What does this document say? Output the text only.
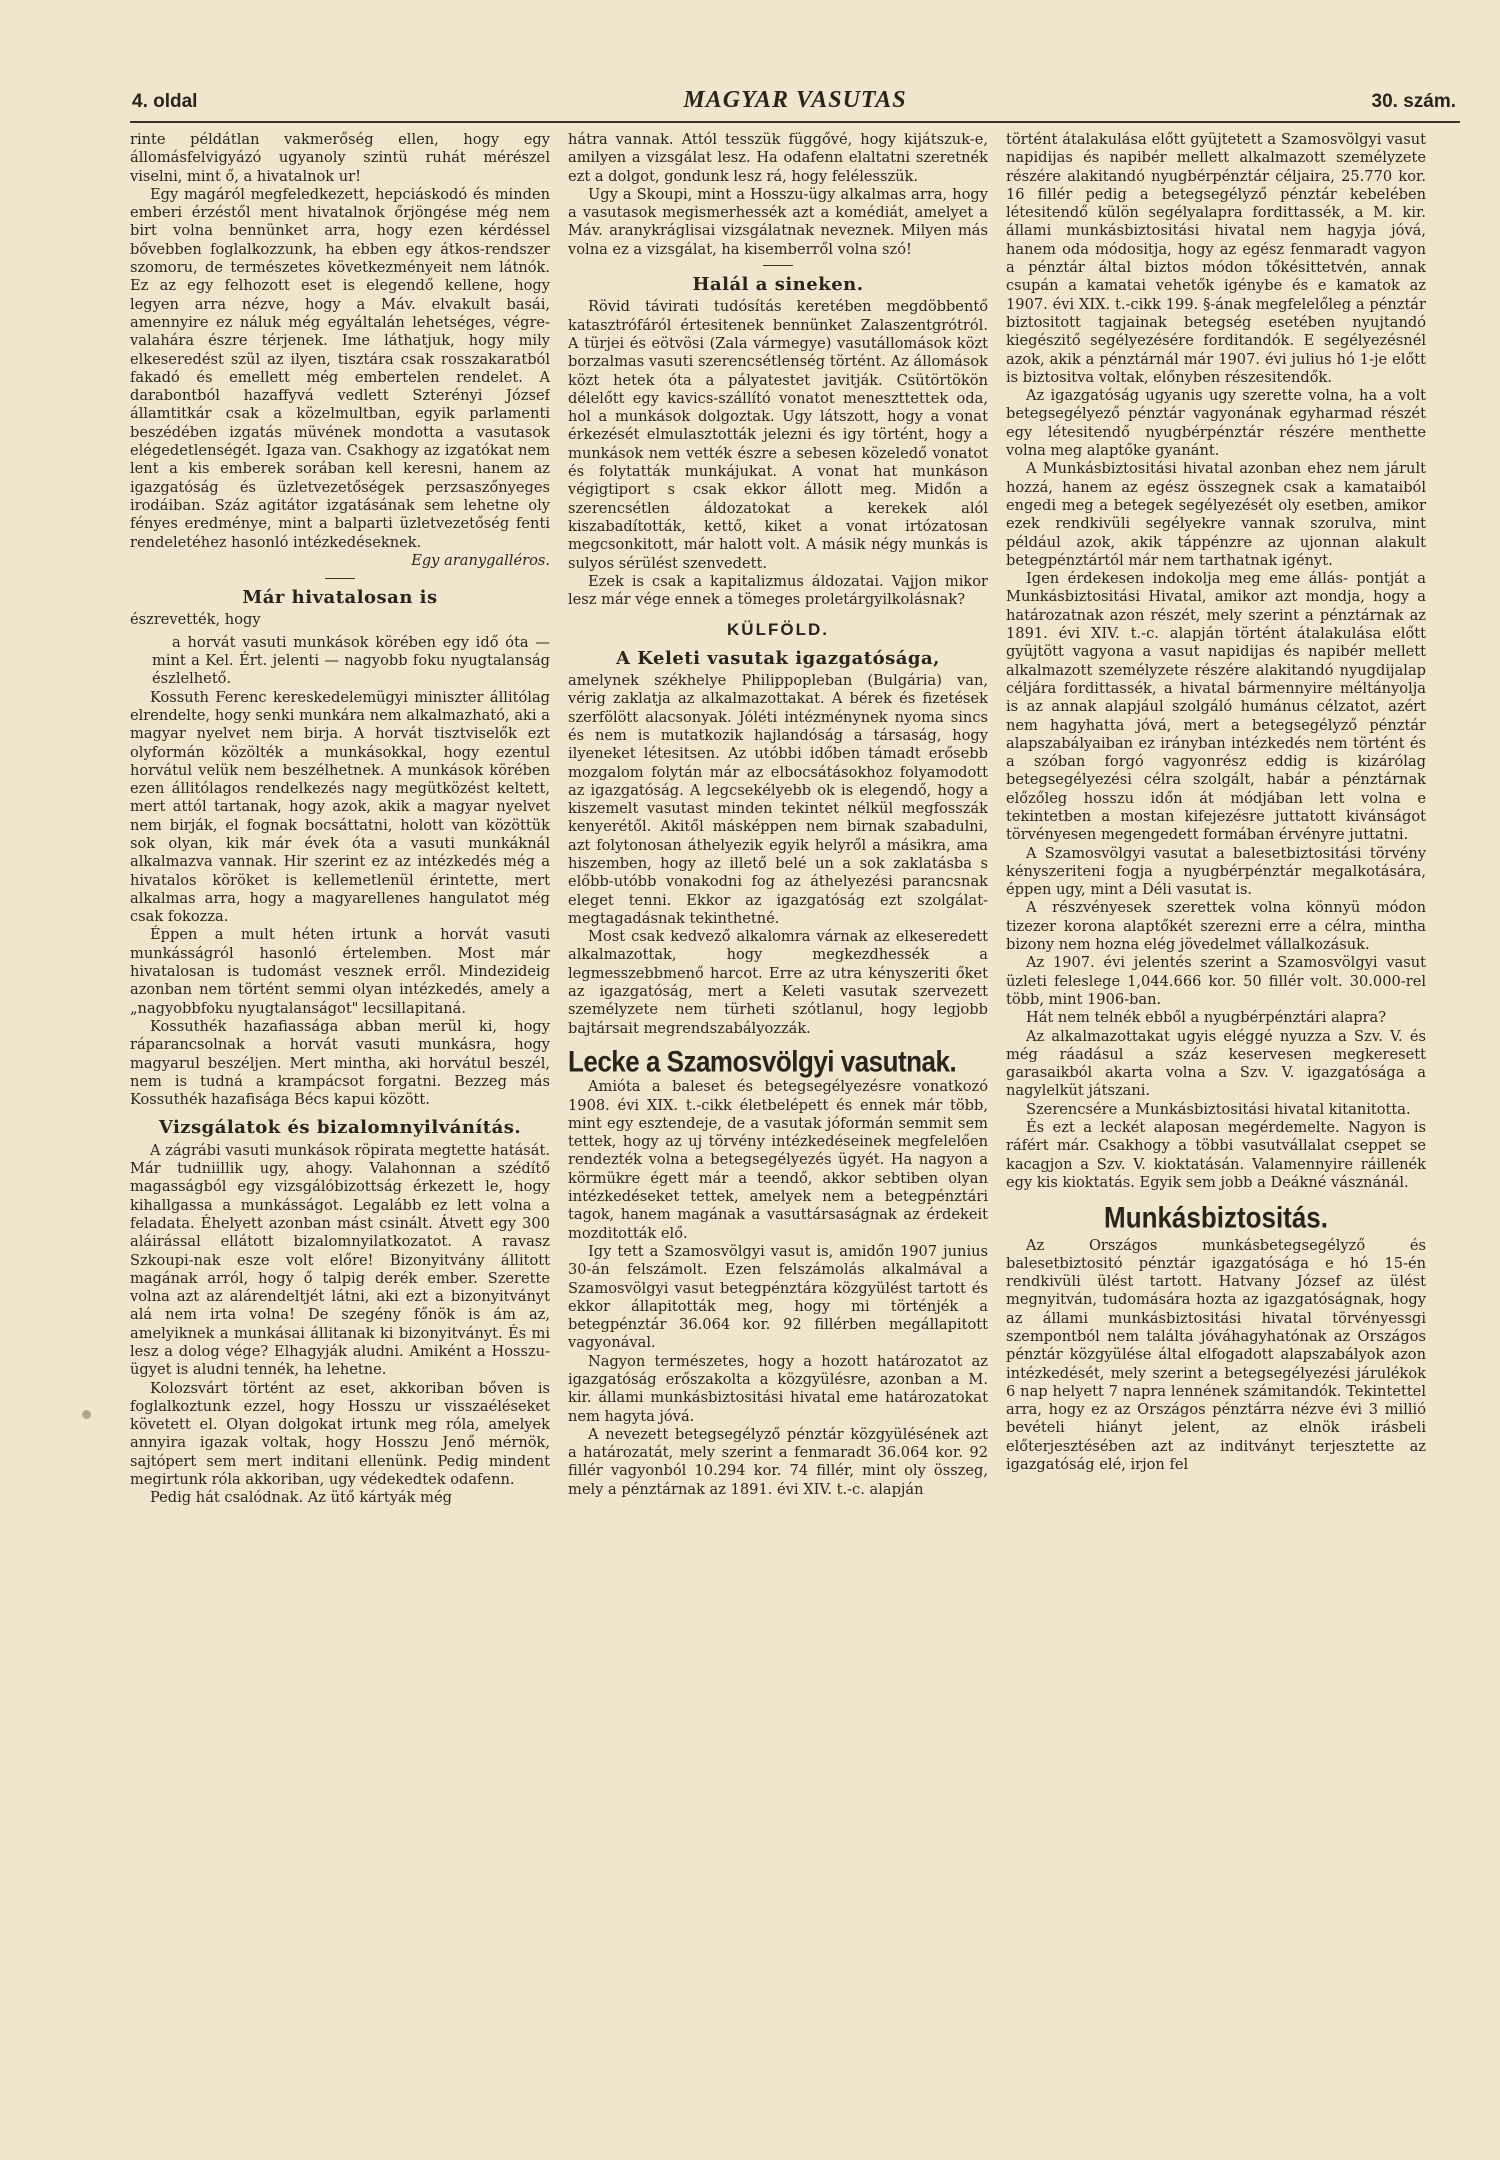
4. oldal	MAGYAR VASUTAS	30. szám.

rinte példátlan vakmerőség ellen, hogy egy állomásfelvigyázó ugyanoly szintü ruhát mérészel viselni, mint ő, a hivatalnok ur!

Egy magáról megfeledkezett, hepciáskodó és minden emberi érzéstől ment hivatalnok őrjöngése még nem birt volna bennünket arra, hogy ezen kérdéssel bővebben foglalkozzunk, ha ebben egy átkos-rendszer szomoru, de természetes következményeit nem látnók. Ez az egy felhozott eset is elegendő kellene, hogy legyen arra nézve, hogy a Máv. elvakult basái, amennyire ez náluk még egyáltalán lehetséges, végre-valahára észre térjenek. Ime láthatjuk, hogy mily elkeseredést szül az ilyen, tisztára csak rosszakaratból fakadó és emellett még embertelen rendelet. A darabontból hazaffyvá vedlett Szterényi József államtitkár csak a közelmultban, egyik parlamenti beszédében izgatás müvének mondotta a vasutasok elégedetlenségét. Igaza van. Csakhogy az izgatókat nem lent a kis emberek sorában kell keresni, hanem az igazgatóság és üzletvezetőségek perzsaszőnyeges irodáiban. Száz agitátor izgatásának sem lehetne oly fényes eredménye, mint a balparti üzletvezetőség fenti rendeletéhez hasonló intézkedéseknek.

Egy aranygalléros.

Már hivatalosan is

észrevették, hogy

a horvát vasuti munkások körében egy idő óta — mint a Kel. Ért. jelenti — nagyobb foku nyugtalanság észlelhető.

Kossuth Ferenc kereskedelemügyi miniszter állitólag elrendelte, hogy senki munkára nem alkalmazható, aki a magyar nyelvet nem birja. A horvát tisztviselők ezt olyformán közölték a munkásokkal, hogy ezentul horvátul velük nem beszélhetnek. A munkások körében ezen állitólagos rendelkezés nagy megütközést keltett, mert attól tartanak, hogy azok, akik a magyar nyelvet nem birják, el fognak bocsáttatni, holott van közöttük sok olyan, kik már évek óta a vasuti munkáknál alkalmazva vannak. Hir szerint ez az intézkedés még a hivatalos köröket is kellemetlenül érintette, mert alkalmas arra, hogy a magyarellenes hangulatot még csak fokozza.

Éppen a mult héten irtunk a horvát vasuti munkásságról hasonló értelemben. Most már hivatalosan is tudomást vesznek erről. Mindezideig azonban nem történt semmi olyan intézkedés, amely a „nagyobbfoku nyugtalanságot" lecsillapitaná.

Kossuthék hazafiassága abban merül ki, hogy ráparancsolnak a horvát vasuti munkásra, hogy magyarul beszéljen. Mert mintha, aki horvátul beszél, nem is tudná a krampácsot forgatni. Bezzeg más Kossuthék hazafisága Bécs kapui között.

Vizsgálatok és bizalomnyilvánítás.

A zágrábi vasuti munkások röpirata megtette hatását. Már tudniillik ugy, ahogy. Valahonnan a szédítő magasságból egy vizsgálóbizottság érkezett le, hogy kihallgassa a munkásságot. Legalább ez lett volna a feladata. Éhelyett azonban mást csinált. Átvett egy 300 aláirással ellátott bizalomnyilatkozatot. A ravasz Szkoupi-nak esze volt előre! Bizonyitvány állitott magának arról, hogy ő talpig derék ember. Szerette volna azt az alárendeltjét látni, aki ezt a bizonyitványt alá nem irta volna! De szegény főnök is ám az, amelyiknek a munkásai állitanak ki bizonyitványt. És mi lesz a dolog vége? Elhagyják aludni. Amiként a Hosszu-ügyet is aludni tennék, ha lehetne.

Kolozsvárt történt az eset, akkoriban bőven is foglalkoztunk ezzel, hogy Hosszu ur visszaéléseket követett el. Olyan dolgokat irtunk meg róla, amelyek annyira igazak voltak, hogy Hosszu Jenő mérnök, sajtópert sem mert inditani ellenünk. Pedig mindent megirtunk róla akkoriban, ugy védekedtek odafenn.

Pedig hát csalódnak. Az ütő kártyák még

hátra vannak. Attól tesszük függővé, hogy kijátszuk-e, amilyen a vizsgálat lesz. Ha odafenn elaltatni szeretnék ezt a dolgot, gondunk lesz rá, hogy felélesszük.

Ugy a Skoupi, mint a Hosszu-ügy alkalmas arra, hogy a vasutasok megismerhessék azt a komédiát, amelyet a Máv. aranykráglisai vizsgálatnak neveznek. Milyen más volna ez a vizsgálat, ha kisemberről volna szó!

Halál a sineken.

Rövid távirati tudósítás keretében megdöbbentő katasztrófáról értesitenek bennünket Zalaszentgrótról. A türjei és eötvösi (Zala vármegye) vasutállomások közt borzalmas vasuti szerencsétlenség történt. Az állomások közt hetek óta a pályatestet javitják. Csütörtökön délelőtt egy kavics-szállító vonatot meneszttettek oda, hol a munkások dolgoztak. Ugy látszott, hogy a vonat érkezését elmulasztották jelezni és igy történt, hogy a munkások nem vették észre a sebesen közeledő vonatot és folytatták munkájukat. A vonat hat munkáson végigtiport s csak ekkor állott meg. Midőn a szerencsétlen áldozatokat a kerekek alól kiszabadították, kettő, kiket a vonat irtózatosan megcsonkitott, már halott volt. A másik négy munkás is sulyos sérülést szenvedett.

Ezek is csak a kapitalizmus áldozatai. Vajjon mikor lesz már vége ennek a tömeges proletárgyilkolásnak?

KÜLFÖLD.
A Keleti vasutak igazgatósága,

amelynek székhelye Philippopleban (Bulgária) van, vérig zaklatja az alkalmazottakat. A bérek és fizetések szerfölött alacsonyak. Jóléti intézménynek nyoma sincs és nem is mutatkozik hajlandóság a társaság, hogy ilyeneket létesitsen. Az utóbbi időben támadt erősebb mozgalom folytán már az elbocsátásokhoz folyamodott az igazgatóság. A legcsekélyebb ok is elegendő, hogy a kiszemelt vasutast minden tekintet nélkül megfosszák kenyerétől. Akitől másképpen nem birnak szabadulni, azt folytonosan áthelyezik egyik helyről a másikra, ama hiszemben, hogy az illető belé un a sok zaklatásba s előbb-utóbb vonakodni fog az áthelyezési parancsnak eleget tenni. Ekkor az igazgatóság ezt szolgálat-megtagadásnak tekinthetné.

Most csak kedvező alkalomra várnak az elkeseredett alkalmazottak, hogy megkezdhessék a legmesszebbmenő harcot. Erre az utra kényszeriti őket az igazgatóság, mert a Keleti vasutak szervezett személyzete nem türheti szótlanul, hogy legjobb bajtársait megrendszabályozzák.

Lecke a Szamosvölgyi vasutnak.

Amióta a baleset és betegsegélyezésre vonatkozó 1908. évi XIX. t.-cikk életbelépett és ennek már több, mint egy esztendeje, de a vasutak jóformán semmit sem tettek, hogy az uj törvény intézkedéseinek megfelelően rendezték volna a betegsegélyezés ügyét. Ha nagyon a körmükre égett már a teendő, akkor sebtiben olyan intézkedéseket tettek, amelyek nem a betegpénztári tagok, hanem magának a vasuttársaságnak az érdekeit mozditották elő.

Igy tett a Szamosvölgyi vasut is, amidőn 1907 junius 30-án felszámolt. Ezen felszámolás alkalmával a Szamosvölgyi vasut betegpénztára közgyülést tartott és ekkor állapitották meg, hogy mi történjék a betegpénztár 36.064 kor. 92 fillérben megállapitott vagyonával.

Nagyon természetes, hogy a hozott határozatot az igazgatóság erőszakolta a közgyülésre, azonban a M. kir. állami munkásbiztositási hivatal eme határozatokat nem hagyta jóvá.

A nevezett betegsegélyző pénztár közgyülésének azt a határozatát, mely szerint a fenmaradt 36.064 kor. 92 fillér vagyonból 10.294 kor. 74 fillér, mint oly összeg, mely a pénztárnak az 1891. évi XIV. t.-c. alapján

történt átalakulása előtt gyüjtetett a Szamosvölgyi vasut napidijas és napibér mellett alkalmazott személyzete részére alakitandó nyugbérpénztár céljaira, 25.770 kor. 16 fillér pedig a betegsegélyző pénztár kebelében létesitendő külön segélyalapra fordittassék, a M. kir. állami munkásbiztositási hivatal nem hagyja jóvá, hanem oda módositja, hogy az egész fenmaradt vagyon a pénztár által biztos módon tőkésittetvén, annak csupán a kamatai vehetők igénybe és e kamatok az 1907. évi XIX. t.-cikk 199. §-ának megfelelőleg a pénztár biztositott tagjainak betegség esetében nyujtandó kiegészitő segélyezésére forditandók. E segélyezésnél azok, akik a pénztárnál már 1907. évi julius hó 1-je előtt is biztositva voltak, előnyben részesitendők.

Az igazgatóság ugyanis ugy szerette volna, ha a volt betegsegélyező pénztár vagyonának egyharmad részét egy létesitendő nyugbérpénztár részére menthette volna meg alaptőke gyanánt.

A Munkásbiztositási hivatal azonban ehez nem járult hozzá, hanem az egész összegnek csak a kamataiból engedi meg a betegek segélyezését oly esetben, amikor ezek rendkivüli segélyekre vannak szorulva, mint például azok, akik táppénzre az ujonnan alakult betegpénztártól már nem tarthatnak igényt.

Igen érdekesen indokolja meg eme állás- pontját a Munkásbiztositási Hivatal, amikor azt mondja, hogy a határozatnak azon részét, mely szerint a pénztárnak az 1891. évi XIV. t.-c. alapján történt átalakulása előtt gyüjtött vagyona a vasut napidijas és napibér mellett alkalmazott személyzete részére alakitandó nyugdijalap céljára fordittassék, a hivatal bármennyire méltányolja is az annak alapjául szolgáló humánus célzatot, azért nem hagyhatta jóvá, mert a betegsegélyző pénztár alapszabályaiban ez irányban intézkedés nem történt és a szóban forgó vagyonrész eddig is kizárólag betegsegélyezési célra szolgált, habár a pénztárnak előzőleg hosszu időn át módjában lett volna e tekintetben a mostan kifejezésre juttatott kivánságot törvényesen megengedett formában érvényre juttatni.

A Szamosvölgyi vasutat a balesetbiztositási törvény kényszeriteni fogja a nyugbérpénztár megalkotására, éppen ugy, mint a Déli vasutat is.

A részvényesek szerettek volna könnyü módon tizezer korona alaptőkét szerezni erre a célra, mintha bizony nem hozna elég jövedelmet vállalkozásuk.

Az 1907. évi jelentés szerint a Szamosvölgyi vasut üzleti feleslege 1,044.666 kor. 50 fillér volt. 30.000-rel több, mint 1906-ban.

Hát nem telnék ebből a nyugbérpénztári alapra?

Az alkalmazottakat ugyis eléggé nyuzza a Szv. V. és még ráadásul a száz keservesen megkeresett garasaikból akarta volna a Szv. V. igazgatósága a nagylelküt játszani.

Szerencsére a Munkásbiztositási hivatal kitanitotta.

És ezt a leckét alaposan megérdemelte. Nagyon is ráfért már. Csakhogy a többi vasutvállalat cseppet se kacagjon a Szv. V. kioktatásán. Valamennyire ráillenék egy kis kioktatás. Egyik sem jobb a Deákné vásznánál.

Munkásbiztositás.

Az Országos munkásbetegsegélyző és balesetbiztositó pénztár igazgatósága e hó 15-én rendkivüli ülést tartott. Hatvany József az ülést megnyitván, tudomására hozta az igazgatóságnak, hogy az állami munkásbiztositási hivatal törvényessgi szempontból nem találta jóváhagyhatónak az Országos pénztár közgyülése által elfogadott alapszabályok azon intézkedését, mely szerint a betegsegélyezési járulékok 6 nap helyett 7 napra lennének számitandók. Tekintettel arra, hogy ez az Országos pénztárra nézve évi 3 millió bevételi hiányt jelent, az elnök irásbeli előterjesztésében azt az inditványt terjesztette az igazgatóság elé, irjon fel
